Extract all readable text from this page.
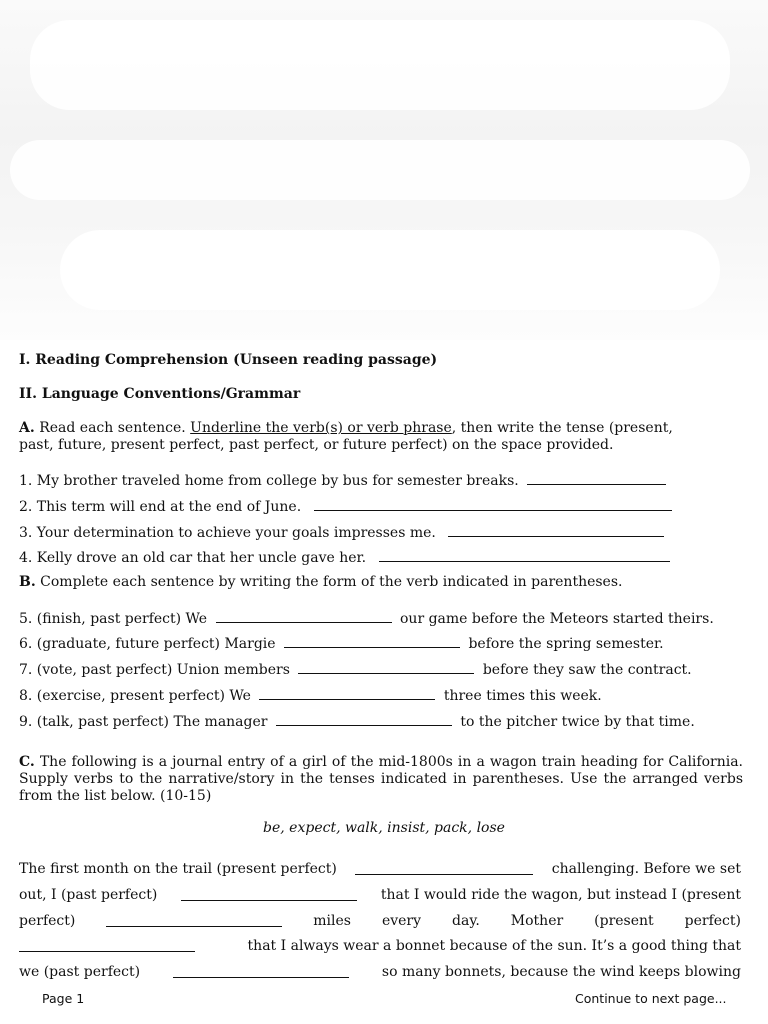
I. Reading Comprehension (Unseen reading passage)
II. Language Conventions/Grammar
A. Read each sentence. Underline the verb(s) or verb phrase, then write the tense (present,
past, future, present perfect, past perfect, or future perfect) on the space provided.
1. My brother traveled home from college by bus for semester breaks.
2. This term will end at the end of June.
3. Your determination to achieve your goals impresses me.
4. Kelly drove an old car that her uncle gave her.
B. Complete each sentence by writing the form of the verb indicated in parentheses.
5. (finish, past perfect) We	our game before the Meteors started theirs.
6. (graduate, future perfect) Margie	before the spring semester.
7. (vote, past perfect) Union members	before they saw the contract.
8. (exercise, present perfect) We	three times this week.
9. (talk, past perfect) The manager	to the pitcher twice by that time.
C. The following is a journal entry of a girl of the mid-1800s in a wagon train heading for California. Supply verbs to the narrative/story in the tenses indicated in parentheses. Use the arranged verbs from the list below. (10-15)
be, expect, walk, insist, pack, lose
The first month on the trail (present perfect)	challenging. Before we set
out, I (past perfect)	that I would ride the wagon, but instead I (present
perfect)	miles every day. Mother (present perfect)
that I always wear a bonnet because of the sun. It’s a good thing that
we (past perfect)	so many bonnets, because the wind keeps blowing
Page 1	Continue to next page...
